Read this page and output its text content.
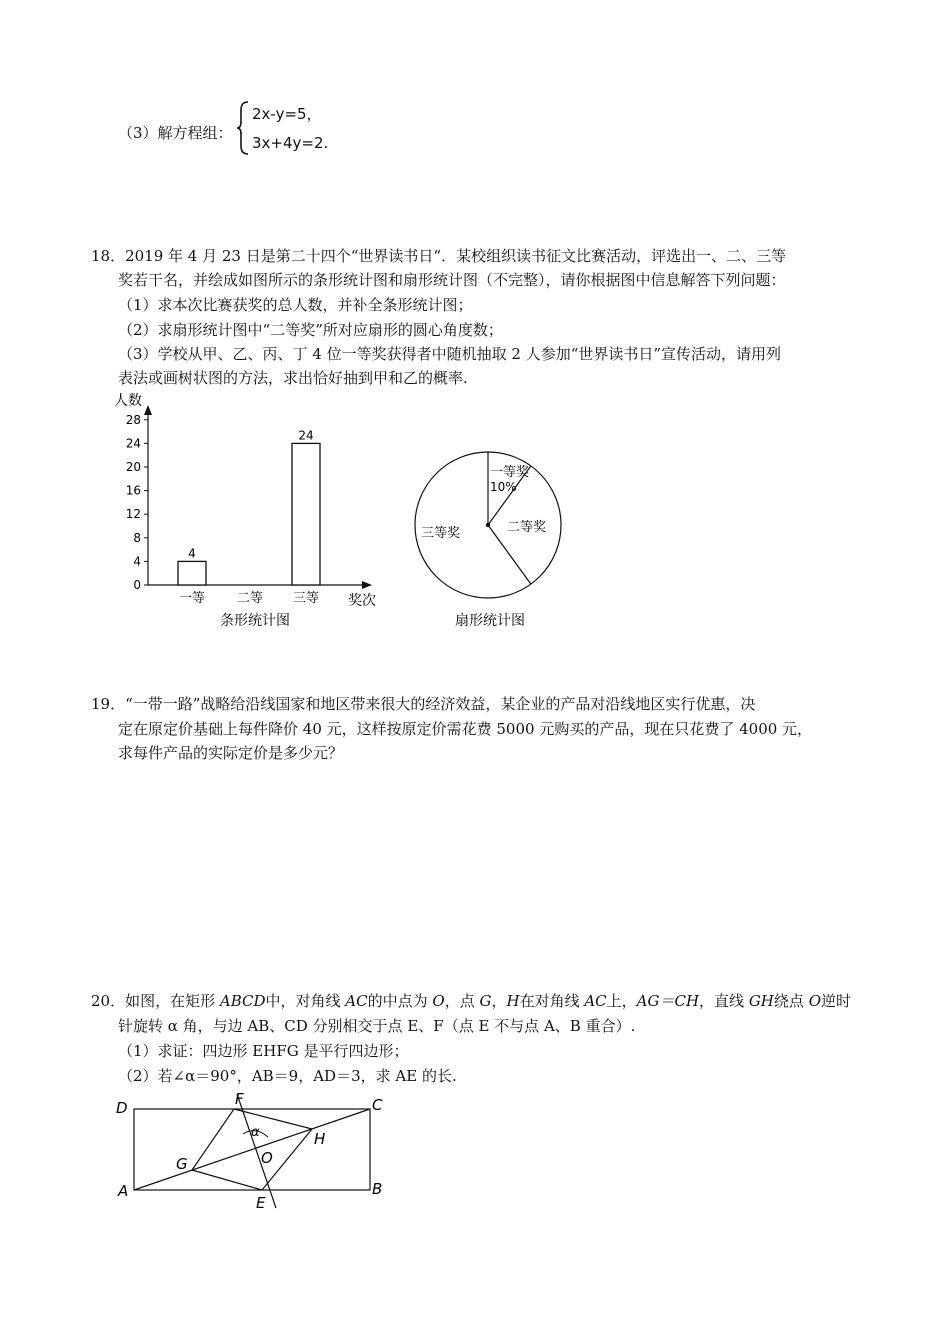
（3）解方程组：
2x-y=5，
3x+4y=2.
18．2019 年 4 月 23 日是第二十四个“世界读书日“．某校组织读书征文比赛活动，评选出一、二、三等
奖若干名，并绘成如图所示的条形统计图和扇形统计图（不完整），请你根据图中信息解答下列问题：
（1）求本次比赛获奖的总人数，并补全条形统计图；
（2）求扇形统计图中“二等奖”所对应扇形的圆心角度数；
（3）学校从甲、乙、丙、丁 4 位一等奖获得者中随机抽取 2 人参加“世界读书日”宣传活动，请用列
表法或画树状图的方法，求出恰好抽到甲和乙的概率.
0
4
8
12
16
20
24
28
4
一等 二等
24
三等
人数
奖次
条形统计图
一等奖
10%
二等奖
三等奖
扇形统计图
19．“一带一路”战略给沿线国家和地区带来很大的经济效益，某企业的产品对沿线地区实行优惠，决
定在原定价基础上每件降价 40 元，这样按原定价需花费 5000 元购买的产品，现在只花费了 4000 元，
求每件产品的实际定价是多少元？
20．如图，在矩形 ABCD中，对角线 AC的中点为 O，点 G，H在对角线 AC上，AG＝CH，直线 GH绕点 O逆时
针旋转 α 角，与边 AB、CD 分别相交于点 E、F（点 E 不与点 A、B 重合）.
（1）求证：四边形 EHFG 是平行四边形；
（2）若∠α＝90°，AB＝9，AD＝3，求 AE 的长.
D	C
A	B
F
E
G
H
O
α
